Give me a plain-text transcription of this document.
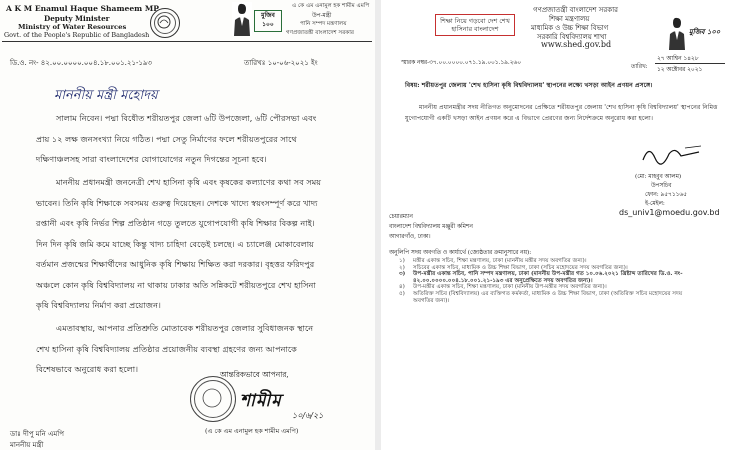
A K M Enamul Haque Shameem MP
Deputy Minister
Ministry of Water Resources
Govt. of the People's Republic of Bangladesh
মুজিব ১০০
এ কে এম এনামুল হক শামীম এমপি
উপ-মন্ত্রী
পানি সম্পদ মন্ত্রণালয়
গণপ্রজাতন্ত্রী বাংলাদেশ সরকার
ডি.ও. নং- ৪২.০০.০০০০.০০৪.১৮.০০১.২১-১৯৩	তারিখঃ ১০-০৬-২০২১ ইং
মাননীয় মন্ত্রী মহোদয়
সালাম নিবেন। পদ্মা বিধৌত শরীয়তপুর জেলা ৬টি উপজেলা, ৬টি পৌরসভা এবং প্রায় ১২ লক্ষ জনসংখ্যা নিয়ে গঠিত। পদ্মা সেতু নির্মাণের ফলে শরীয়তপুরের সাথে দক্ষিণাঞ্চলসহ সারা বাংলাদেশের যোগাযোগের নতুন দিগন্তের সূচনা হবে।
মাননীয় প্রধানমন্ত্রী জননেত্রী শেখ হাসিনা কৃষি এবং কৃষকের কল্যাণের কথা সব সময় ভাবেন। তিনি কৃষি শিক্ষাকে সবসময় গুরুত্ব দিয়েছেন। দেশকে খাদ্যে স্বয়ংসম্পূর্ণ করে খাদ্য রপ্তানী এবং কৃষি নির্ভর শিল্প প্রতিষ্ঠান গড়ে তুলতে যুগোপযোগী কৃষি শিক্ষার বিকল্প নাই। দিন দিন কৃষি জমি কমে যাচ্ছে কিন্তু খাদ্য চাহিদা বেড়েই চলছে। এ চ্যালেঞ্জ মোকাবেলায় বর্তমান প্রজন্মের শিক্ষার্থীদের আধুনিক কৃষি শিক্ষায় শিক্ষিত করা দরকার। বৃহত্তর ফরিদপুর অঞ্চলে কোন কৃষি বিশ্ববিদ্যালয় না থাকায় ঢাকার অতি সন্নিকটে শরীয়তপুরে শেখ হাসিনা কৃষি বিশ্ববিদ্যালয় নির্মাণ করা প্রয়োজন।
এমতাবস্থায়, আপনার প্রতিশ্রুতি মোতাবেক শরীয়তপুর জেলার সুবিধাজনক স্থানে শেখ হাসিনা কৃষি বিশ্ববিদ্যালয় প্রতিষ্ঠার প্রয়োজনীয় ব্যবস্থা গ্রহণের জন্য আপনাকে বিশেষভাবে অনুরোধ করা হলো।
আন্তরিকভাবে আপনার,
শামীম
১০/৬/২১
(এ কে এম এনামুল হক শামীম এমপি)
ডাঃ দীপু মনি এমপি
মাননীয় মন্ত্রী
শিক্ষা নিয়ে গড়বো দেশ শেখ হাসিনার বাংলাদেশ
গণপ্রজাতন্ত্রী বাংলাদেশ সরকার
শিক্ষা মন্ত্রণালয়
মাধ্যমিক ও উচ্চ শিক্ষা বিভাগ
সরকারি বিশ্ববিদ্যালয় শাখা
www.shed.gov.bd
মুজিব ১০০
স্মারক নম্বর-৩৭.০০.০০০০.০৭১.১৯.০০১.১৯.২৬০
তারিখ:
২৭ আশ্বিন ১৪২৮
১২ অক্টোবর ২০২১
বিষয়: শরীয়তপুর জেলায় 'শেখ হাসিনা কৃষি বিশ্ববিদ্যালয়' স্থাপনের লক্ষ্যে খসড়া আইন প্রণয়ন প্রসঙ্গে।
মাননীয় প্রধানমন্ত্রীর সদয় নীতিগত অনুমোদনের প্রেক্ষিতে শরীয়তপুর জেলায় 'শেখ হাসিনা কৃষি বিশ্ববিদ্যালয়' স্থাপনের নিমিত্ত যুগোপযোগী একটি খসড়া আইন প্রণয়ন করে এ বিভাগে প্রেরণের জন্য নির্দেশক্রমে অনুরোধ করা হলো।
(মো: মাহবুব আলম)
উপসচিব
ফোন: ৯৫৭১১৬৫
ই-মেইল:
ds_univ1@moedu.gov.bd
চেয়ারম্যান
বাংলাদেশ বিশ্ববিদ্যালয় মঞ্জুরী কমিশন
আগারগাঁও, ঢাকা।
অনুলিপি সদয় অবগতি ও কার্যার্থে (জ্যেষ্ঠতার ক্রমানুসারে নয়):
১) মন্ত্রীর একান্ত সচিব, শিক্ষা মন্ত্রণালয়, ঢাকা (মাননীয় মন্ত্রীর সদয় অবগতির জন্য)।
২) সচিবের একান্ত সচিব, মাধ্যমিক ও উচ্চ শিক্ষা বিভাগ, ঢাকা (সচিব মহোদয়ের সদয় অবগতির জন্য)।
৩) উপ-মন্ত্রীর একান্ত সচিব, পানি সম্পদ মন্ত্রণালয়, ঢাকা (মাননীয় উপ-মন্ত্রীর গত ১০.০৬.২০২১ খ্রিষ্টাব্দ তারিখের ডি.ও. নং- ৪২.০০.০০০০.০০৪.১৮.০০১.২১-১৯৩ এর অনুপ্রেক্ষিতে সদয় অবগতির জন্য)।
৪) উপ-মন্ত্রীর একান্ত সচিব, শিক্ষা মন্ত্রণালয়, ঢাকা (মাননীয় উপ-মন্ত্রীর সদয় অবগতির জন্য)।
৫) অতিরিক্ত সচিব (বিশ্ববিদ্যালয়) এর ব্যক্তিগত কর্মকর্তা, মাধ্যমিক ও উচ্চ শিক্ষা বিভাগ, ঢাকা (অতিরিক্ত সচিব মহোদয়ের সদয় অবগতির জন্য)।
